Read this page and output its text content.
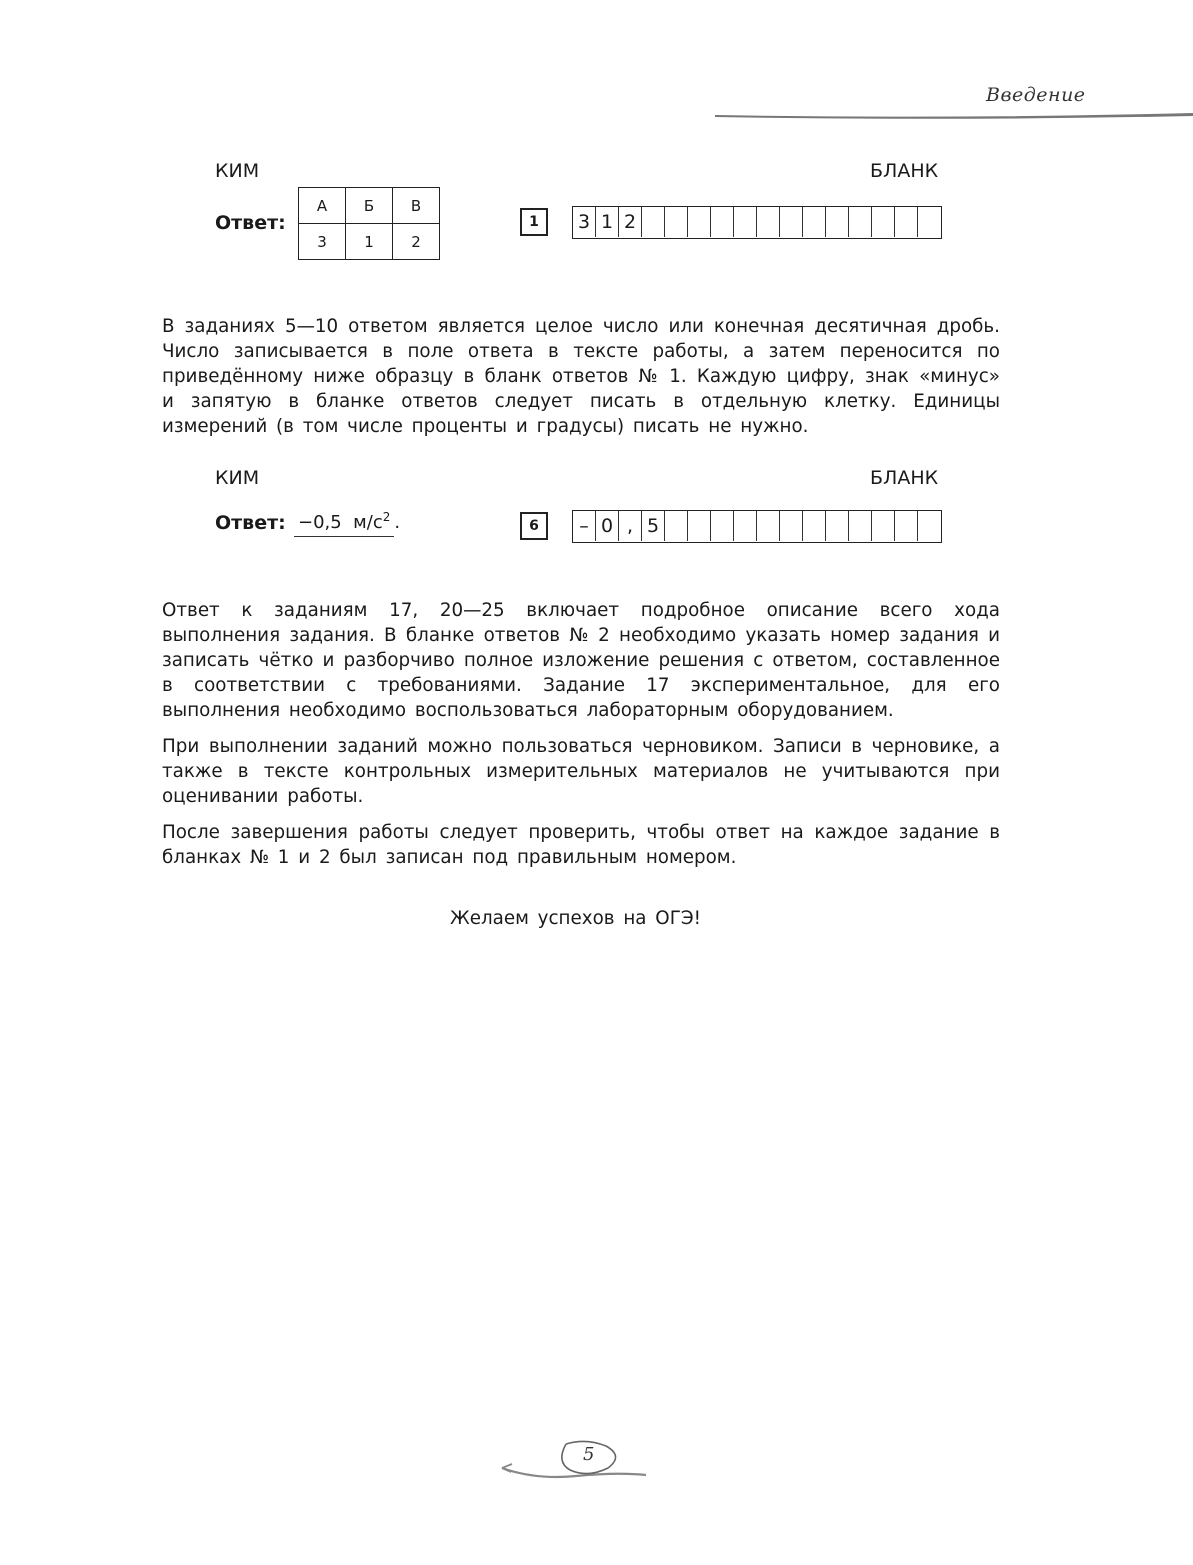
Введение
КИМ	БЛАНК
Ответ:
А	Б	В
3	1	2
1	3 1 2

В заданиях 5—10 ответом является целое число или конечная десятичная дробь. Число записывается в поле ответа в тексте работы, а затем переносится по приведённому ниже образцу в бланк ответов № 1. Каждую цифру, знак «минус» и запятую в бланке ответов следует писать в отдельную клетку. Единицы измерений (в том числе проценты и градусы) писать не нужно.

КИМ	БЛАНК
Ответ: −0,5 $м/с^2$ .	6	– 0 , 5

Ответ к заданиям 17, 20—25 включает подробное описание всего хода выполнения задания. В бланке ответов № 2 необходимо указать номер задания и записать чётко и разборчиво полное изложение решения с ответом, составленное в соответствии с требованиями. Задание 17 экспериментальное, для его выполнения необходимо воспользоваться лабораторным оборудованием.

При выполнении заданий можно пользоваться черновиком. Записи в черновике, а также в тексте контрольных измерительных материалов не учитываются при оценивании работы.

После завершения работы следует проверить, чтобы ответ на каждое задание в бланках № 1 и 2 был записан под правильным номером.

Желаем успехов на ОГЭ!
5
